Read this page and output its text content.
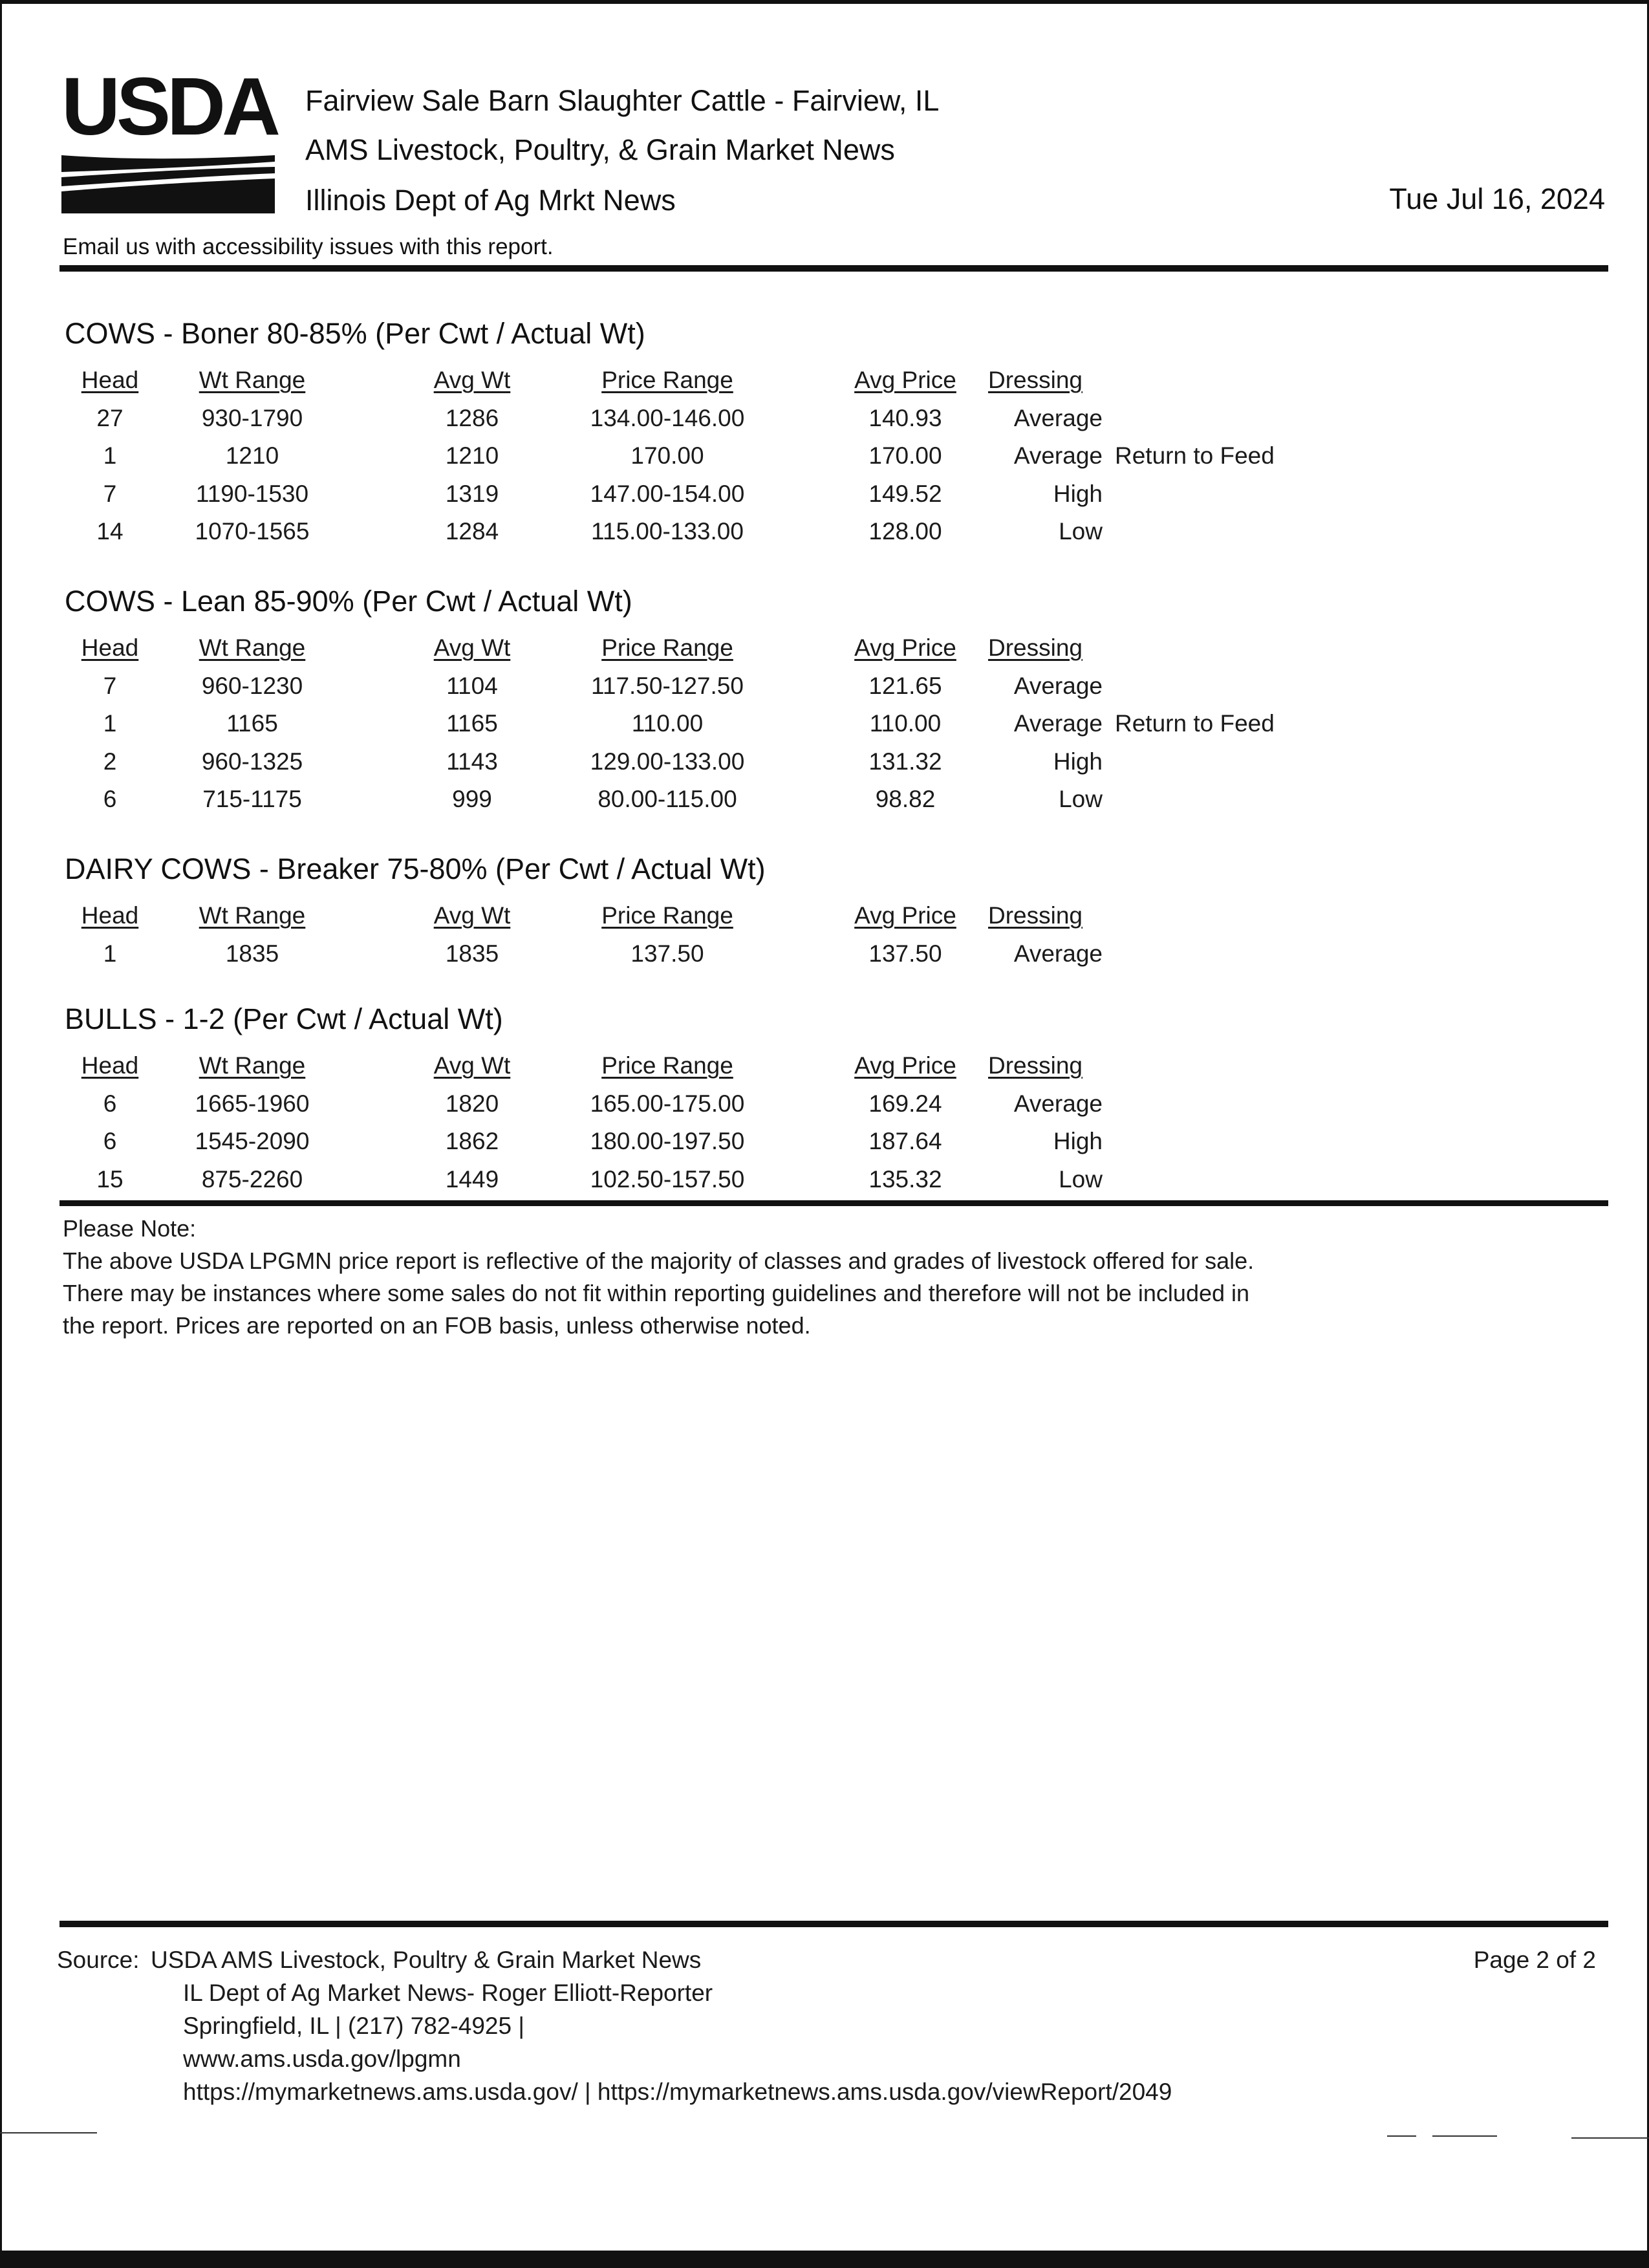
USDA Fairview Sale Barn Slaughter Cattle - Fairview, IL
AMS Livestock, Poultry, & Grain Market News
Illinois Dept of Ag Mrkt News	Tue Jul 16, 2024
Email us with accessibility issues with this report.
COWS - Boner 80-85% (Per Cwt / Actual Wt)
Head	Wt Range	Avg Wt	Price Range	Avg Price	Dressing
27	930-1790	1286	134.00-146.00	140.93	Average
1	1210	1210	170.00	170.00	Average Return to Feed
7	1190-1530	1319	147.00-154.00	149.52	High
14	1070-1565	1284	115.00-133.00	128.00	Low
COWS - Lean 85-90% (Per Cwt / Actual Wt)
Head	Wt Range	Avg Wt	Price Range	Avg Price	Dressing
7	960-1230	1104	117.50-127.50	121.65	Average
1	1165	1165	110.00	110.00	Average Return to Feed
2	960-1325	1143	129.00-133.00	131.32	High
6	715-1175	999	80.00-115.00	98.82	Low
DAIRY COWS - Breaker 75-80% (Per Cwt / Actual Wt)
Head	Wt Range	Avg Wt	Price Range	Avg Price	Dressing
1	1835	1835	137.50	137.50	Average
BULLS - 1-2 (Per Cwt / Actual Wt)
Head	Wt Range	Avg Wt	Price Range	Avg Price	Dressing
6	1665-1960	1820	165.00-175.00	169.24	Average
6	1545-2090	1862	180.00-197.50	187.64	High
15	875-2260	1449	102.50-157.50	135.32	Low
Please Note:
The above USDA LPGMN price report is reflective of the majority of classes and grades of livestock offered for sale.
There may be instances where some sales do not fit within reporting guidelines and therefore will not be included in
the report. Prices are reported on an FOB basis, unless otherwise noted.
Source: USDA AMS Livestock, Poultry & Grain Market News
IL Dept of Ag Market News- Roger Elliott-Reporter
Springfield, IL | (217) 782-4925 |
www.ams.usda.gov/lpgmn
https://mymarketnews.ams.usda.gov/ | https://mymarketnews.ams.usda.gov/viewReport/2049
Page 2 of 2
